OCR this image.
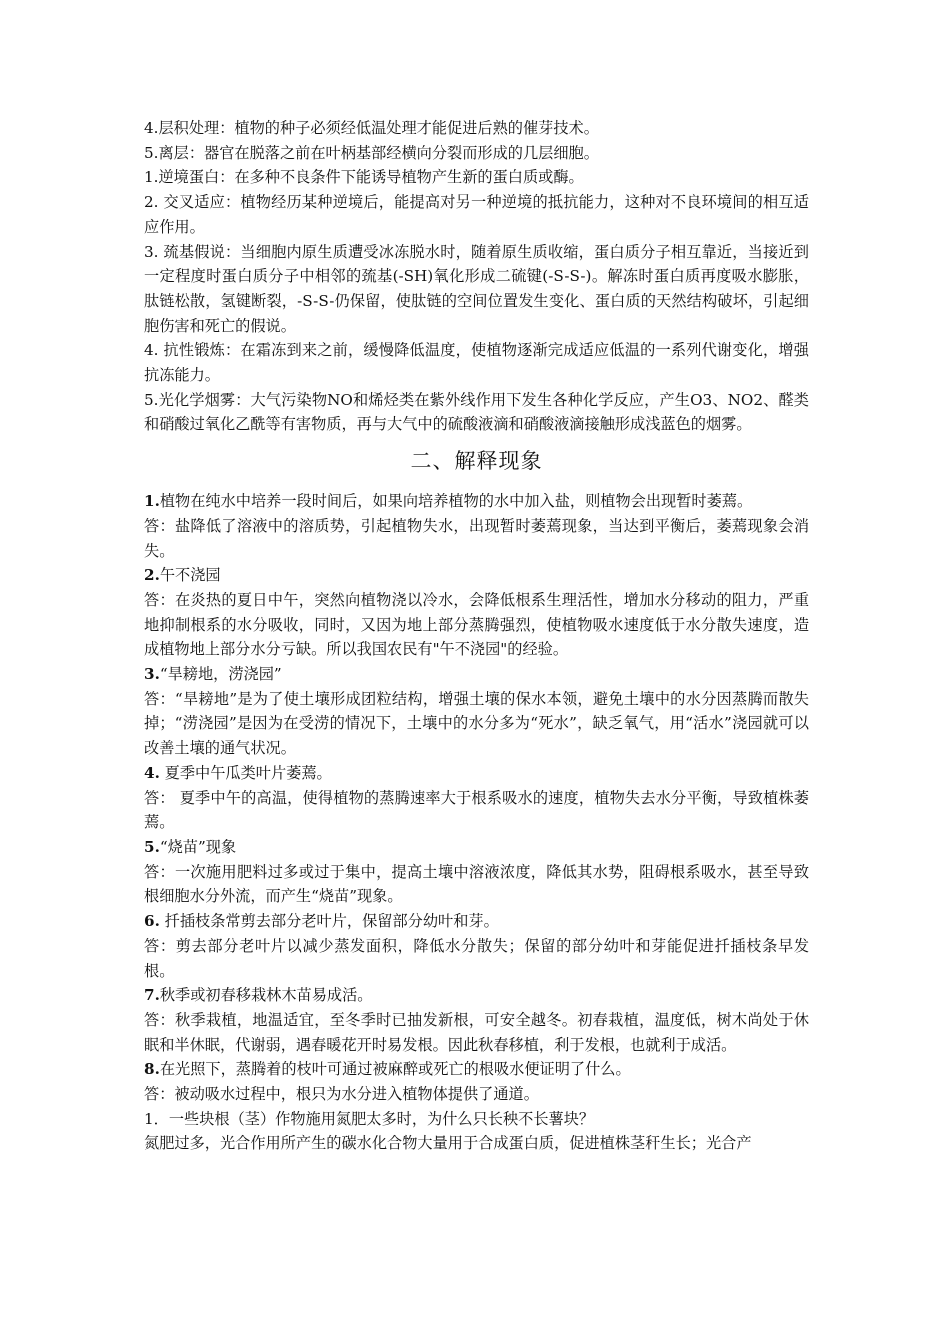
4.层积处理：植物的种子必须经低温处理才能促进后熟的催芽技术。

5.离层：器官在脱落之前在叶柄基部经横向分裂而形成的几层细胞。

1.逆境蛋白：在多种不良条件下能诱导植物产生新的蛋白质或酶。

2. 交叉适应：植物经历某种逆境后，能提高对另一种逆境的抵抗能力，这种对不良环境间的相互适应作用。

3. 巯基假说：当细胞内原生质遭受冰冻脱水时，随着原生质收缩，蛋白质分子相互靠近，当接近到一定程度时蛋白质分子中相邻的巯基(-SH)氧化形成二硫键(-S-S-)。解冻时蛋白质再度吸水膨胀，肽链松散，氢键断裂，-S-S-仍保留，使肽链的空间位置发生变化、蛋白质的天然结构破坏，引起细胞伤害和死亡的假说。

4. 抗性锻炼：在霜冻到来之前，缓慢降低温度，使植物逐渐完成适应低温的一系列代谢变化，增强抗冻能力。

5.光化学烟雾：大气污染物NO和烯烃类在紫外线作用下发生各种化学反应，产生O3、NO2、醛类和硝酸过氧化乙酰等有害物质，再与大气中的硫酸液滴和硝酸液滴接触形成浅蓝色的烟雾。

二、解释现象

1.植物在纯水中培养一段时间后，如果向培养植物的水中加入盐，则植物会出现暂时萎蔫。

答：盐降低了溶液中的溶质势，引起植物失水，出现暂时萎蔫现象，当达到平衡后，萎蔫现象会消失。

2.午不浇园

答：在炎热的夏日中午，突然向植物浇以冷水，会降低根系生理活性，增加水分移动的阻力，严重地抑制根系的水分吸收，同时，又因为地上部分蒸腾强烈，使植物吸水速度低于水分散失速度，造成植物地上部分水分亏缺。所以我国农民有"午不浇园"的经验。

3.“旱耪地，涝浇园”

答：“旱耪地”是为了使土壤形成团粒结构，增强土壤的保水本领，避免土壤中的水分因蒸腾而散失掉；“涝浇园”是因为在受涝的情况下，土壤中的水分多为“死水”，缺乏氧气，用“活水”浇园就可以改善土壤的通气状况。

4. 夏季中午瓜类叶片萎蔫。

答： 夏季中午的高温，使得植物的蒸腾速率大于根系吸水的速度，植物失去水分平衡，导致植株萎蔫。

5.“烧苗”现象

答：一次施用肥料过多或过于集中，提高土壤中溶液浓度，降低其水势，阻碍根系吸水，甚至导致根细胞水分外流，而产生“烧苗”现象。

6. 扦插枝条常剪去部分老叶片，保留部分幼叶和芽。

答：剪去部分老叶片以减少蒸发面积，降低水分散失；保留的部分幼叶和芽能促进扦插枝条早发根。

7.秋季或初春移栽林木苗易成活。

答：秋季栽植，地温适宜，至冬季时已抽发新根，可安全越冬。初春栽植，温度低，树木尚处于休眠和半休眠，代谢弱，遇春暖花开时易发根。因此秋春移植，利于发根，也就利于成活。

8.在光照下，蒸腾着的枝叶可通过被麻醉或死亡的根吸水便证明了什么。

答：被动吸水过程中，根只为水分进入植物体提供了通道。

1．一些块根（茎）作物施用氮肥太多时，为什么只长秧不长薯块？

氮肥过多，光合作用所产生的碳水化合物大量用于合成蛋白质，促进植株茎秆生长；光合产
